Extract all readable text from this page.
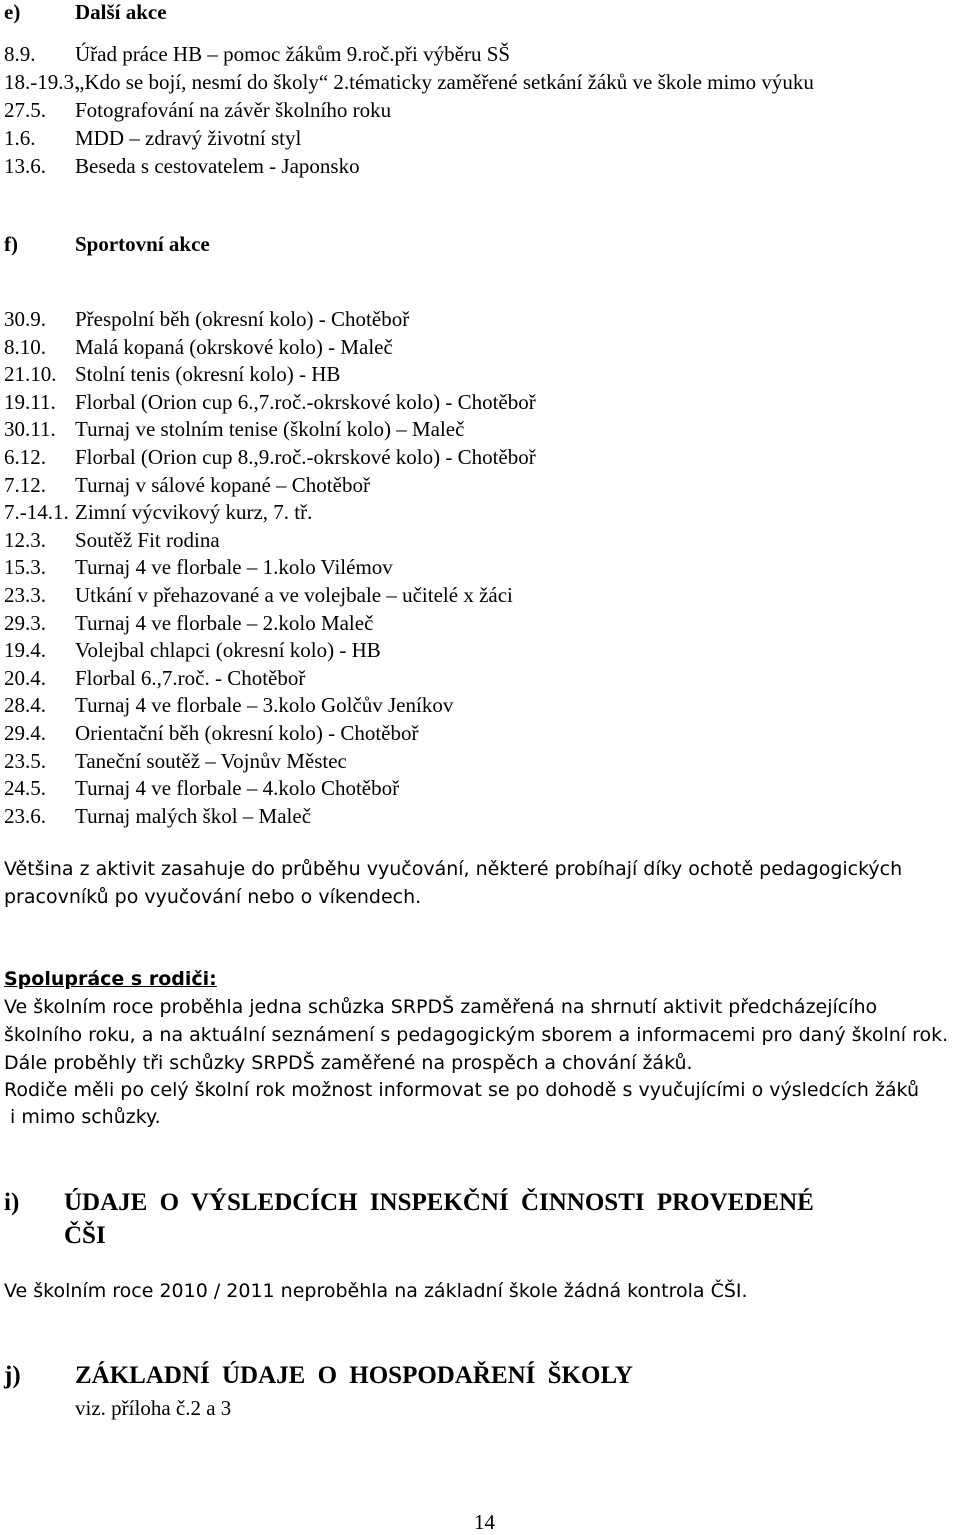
e)	Další akce
8.9. Úřad práce HB – pomoc žákům 9.roč.při výběru SŠ
18.-19.3.
„Kdo se bojí, nesmí do školy“ 2.tématicky zaměřené setkání žáků ve škole mimo výuku
27.5. Fotografování na závěr školního roku
1.6. MDD – zdravý životní styl
13.6. Beseda s cestovatelem - Japonsko
f)	Sportovní akce
30.9. Přespolní běh (okresní kolo) - Chotěboř
8.10. Malá kopaná (okrskové kolo) - Maleč
21.10. Stolní tenis (okresní kolo) - HB
19.11. Florbal (Orion cup 6.,7.roč.-okrskové kolo) - Chotěboř
30.11. Turnaj ve stolním tenise (školní kolo) – Maleč
6.12. Florbal (Orion cup 8.,9.roč.-okrskové kolo) - Chotěboř
7.12. Turnaj v sálové kopané – Chotěboř
7.-14.1. Zimní výcvikový kurz, 7. tř.
12.3. Soutěž Fit rodina
15.3. Turnaj 4 ve florbale – 1.kolo Vilémov
23.3. Utkání v přehazované a ve volejbale – učitelé x žáci
29.3. Turnaj 4 ve florbale – 2.kolo Maleč
19.4. Volejbal chlapci (okresní kolo) - HB
20.4. Florbal 6.,7.roč. - Chotěboř
28.4. Turnaj 4 ve florbale – 3.kolo Golčův Jeníkov
29.4. Orientační běh (okresní kolo) - Chotěboř
23.5. Taneční soutěž – Vojnův Městec
24.5. Turnaj 4 ve florbale – 4.kolo Chotěboř
23.6. Turnaj malých škol – Maleč
Většina z aktivit zasahuje do průběhu vyučování, některé probíhají díky ochotě pedagogických
pracovníků po vyučování nebo o víkendech.
Spolupráce s rodiči:
Ve školním roce proběhla jedna schůzka SRPDŠ zaměřená na shrnutí aktivit předcházejícího
školního roku, a na aktuální seznámení s pedagogickým sborem a informacemi pro daný školní rok.
Dále proběhly tři schůzky SRPDŠ zaměřené na prospěch a chování žáků.
Rodiče měli po celý školní rok možnost informovat se po dohodě s vyučujícími o výsledcích žáků
i mimo schůzky.
i) ÚDAJE O VÝSLEDCÍCH INSPEKČNÍ ČINNOSTI PROVEDENÉ
ČŠI
Ve školním roce 2010 / 2011 neproběhla na základní škole žádná kontrola ČŠI.
j) ZÁKLADNÍ ÚDAJE O HOSPODAŘENÍ ŠKOLY
viz. příloha č.2 a 3
14
